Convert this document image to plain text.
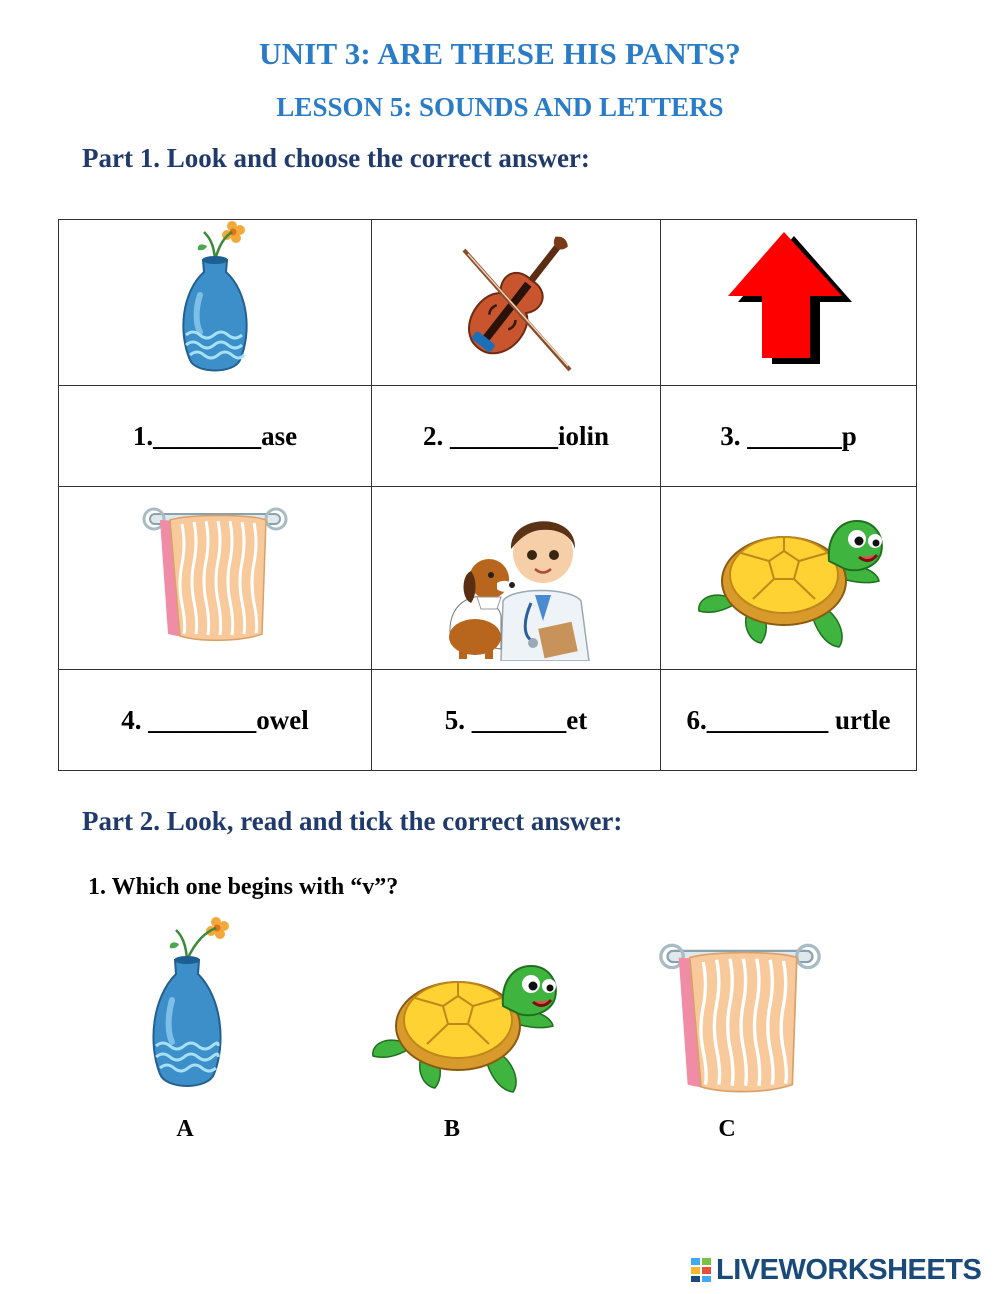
UNIT 3: ARE THESE HIS PANTS?
LESSON 5: SOUNDS AND LETTERS
Part 1. Look and choose the correct answer:

1.________ase	2. ________iolin	3. _______p

4. ________owel	5. _______et	6._________ urtle
Part 2. Look, read and tick the correct answer:
1. Which one begins with “v”?
A	B	C
LIVEWORKSHEETS
